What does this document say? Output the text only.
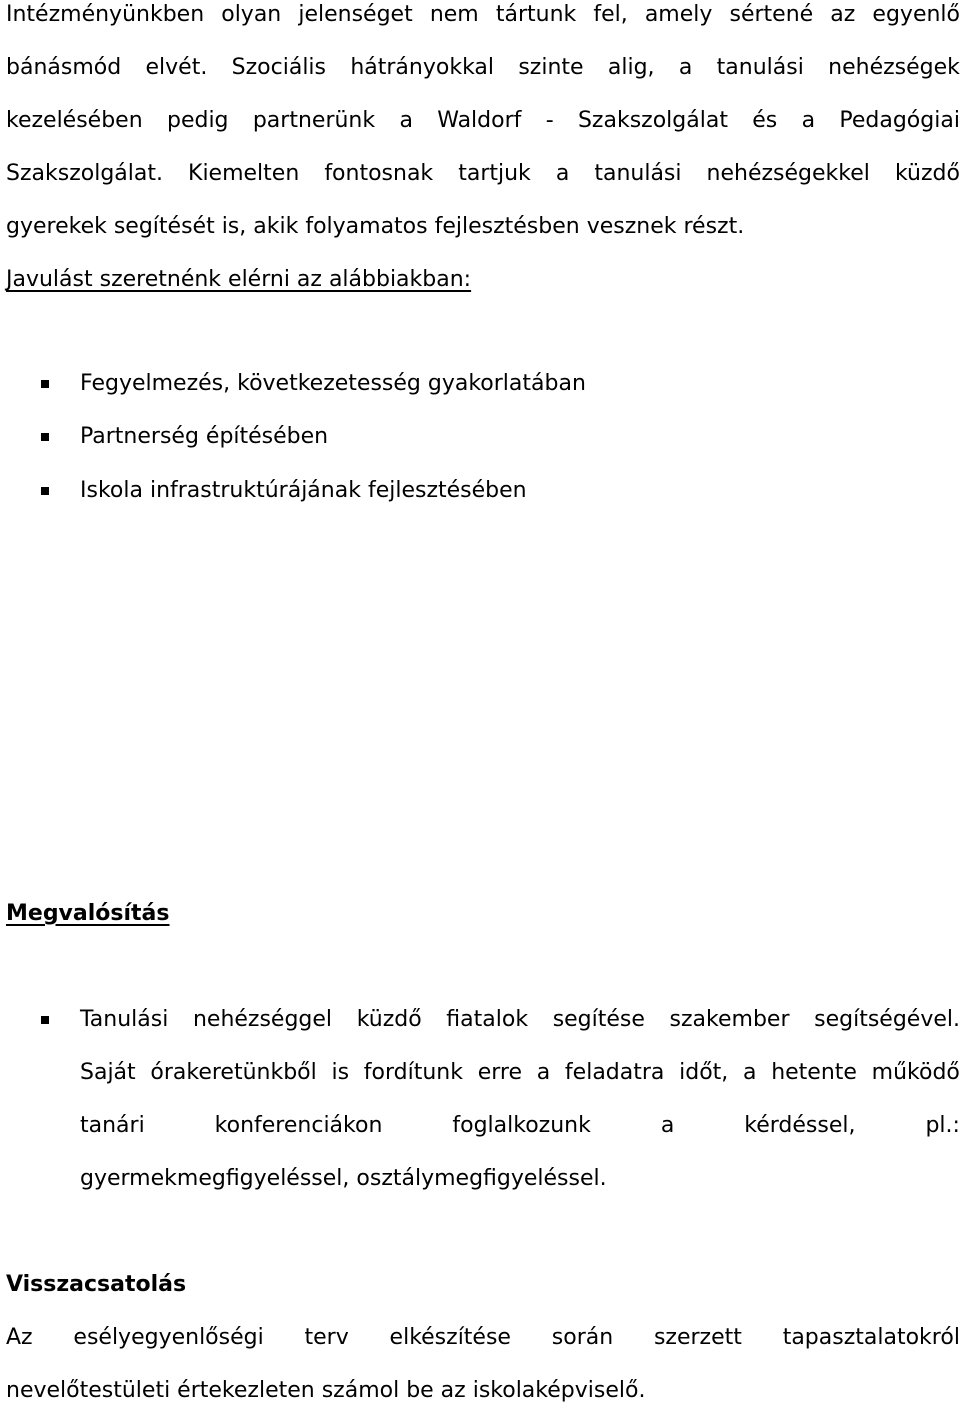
Intézményünkben olyan jelenséget nem tártunk fel, amely sértené az egyenlő
bánásmód elvét. Szociális hátrányokkal szinte alig, a tanulási nehézségek
kezelésében pedig partnerünk a Waldorf - Szakszolgálat és a Pedagógiai
Szakszolgálat. Kiemelten fontosnak tartjuk a tanulási nehézségekkel küzdő
gyerekek segítését is, akik folyamatos fejlesztésben vesznek részt.
Javulást szeretnénk elérni az alábbiakban:
Fegyelmezés, következetesség gyakorlatában
Partnerség építésében
Iskola infrastruktúrájának fejlesztésében
Megvalósítás
Tanulási nehézséggel küzdő fiatalok segítése szakember segítségével.
Saját órakeretünkből is fordítunk erre a feladatra időt, a hetente működő
tanári	konferenciákon	foglalkozunk	a	kérdéssel,	pl.:
gyermekmegfigyeléssel, osztálymegfigyeléssel.
Visszacsatolás
Az esélyegyenlőségi terv elkészítése során szerzett tapasztalatokról
nevelőtestületi értekezleten számol be az iskolaképviselő.
